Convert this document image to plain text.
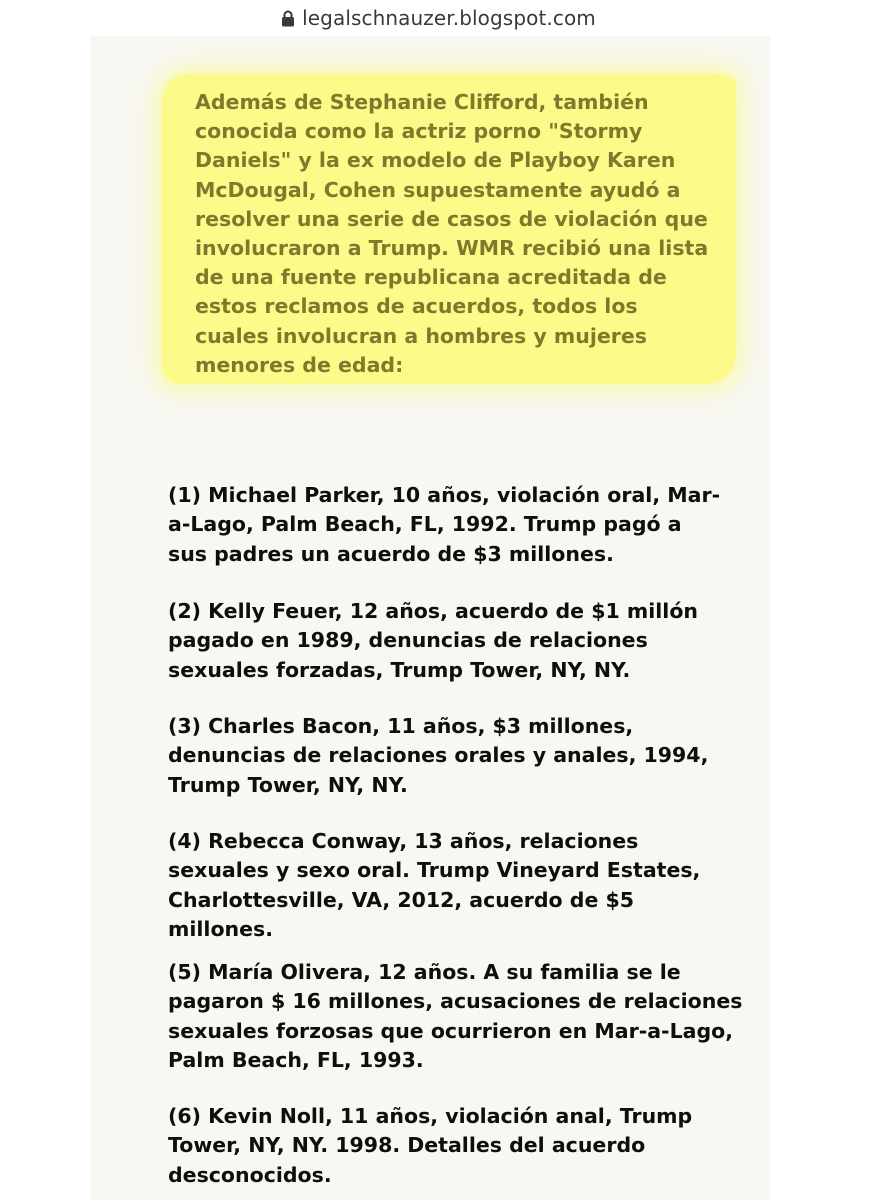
legalschnauzer.blogspot.com

Además de Stephanie Clifford, también
conocida como la actriz porno "Stormy
Daniels" y la ex modelo de Playboy Karen
McDougal, Cohen supuestamente ayudó a
resolver una serie de casos de violación que
involucraron a Trump. WMR recibió una lista
de una fuente republicana acreditada de
estos reclamos de acuerdos, todos los
cuales involucran a hombres y mujeres
menores de edad:

(1) Michael Parker, 10 años, violación oral, Mar-
a-Lago, Palm Beach, FL, 1992. Trump pagó a
sus padres un acuerdo de $3 millones.

(2) Kelly Feuer, 12 años, acuerdo de $1 millón
pagado en 1989, denuncias de relaciones
sexuales forzadas, Trump Tower, NY, NY.

(3) Charles Bacon, 11 años, $3 millones,
denuncias de relaciones orales y anales, 1994,
Trump Tower, NY, NY.

(4) Rebecca Conway, 13 años, relaciones
sexuales y sexo oral. Trump Vineyard Estates,
Charlottesville, VA, 2012, acuerdo de $5
millones.

(5) María Olivera, 12 años. A su familia se le
pagaron $ 16 millones, acusaciones de relaciones
sexuales forzosas que ocurrieron en Mar-a-Lago,
Palm Beach, FL, 1993.

(6) Kevin Noll, 11 años, violación anal, Trump
Tower, NY, NY. 1998. Detalles del acuerdo
desconocidos.
